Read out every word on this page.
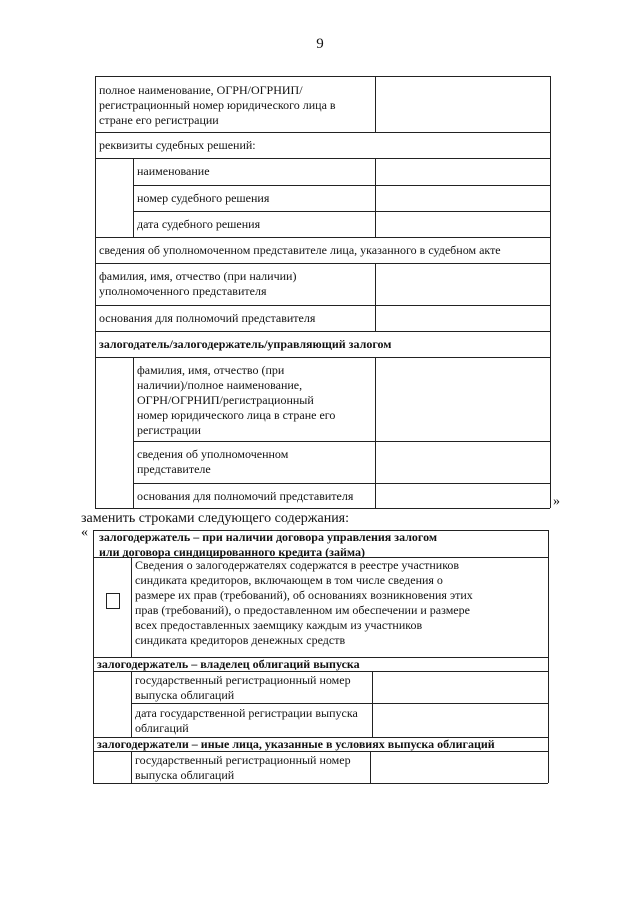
9
полное наименование, ОГРН/ОГРНИП/ регистрационный номер юридического лица в стране его регистрации
реквизиты судебных решений:
наименование
номер судебного решения
дата судебного решения
сведения об уполномоченном представителе лица, указанного в судебном акте
фамилия, имя, отчество (при наличии) уполномоченного представителя
основания для полномочий представителя
залогодатель/залогодержатель/управляющий залогом
фамилия, имя, отчество (при наличии)/полное наименование, ОГРН/ОГРНИП/регистрационный номер юридического лица в стране его регистрации
сведения об уполномоченном представителе
основания для полномочий представителя	»
заменить строками следующего содержания:
« залогодержатель – при наличии договора управления залогом
или договора синдицированного кредита (займа)
Сведения о залогодержателях содержатся в реестре участников синдиката кредиторов, включающем в том числе сведения о размере их прав (требований), об основаниях возникновения этих прав (требований), о предоставленном им обеспечении и размере всех предоставленных заемщику каждым из участников синдиката кредиторов денежных средств
залогодержатель – владелец облигаций выпуска
государственный регистрационный номер выпуска облигаций
дата государственной регистрации выпуска облигаций
залогодержатели – иные лица, указанные в условиях выпуска облигаций
государственный регистрационный номер выпуска облигаций
